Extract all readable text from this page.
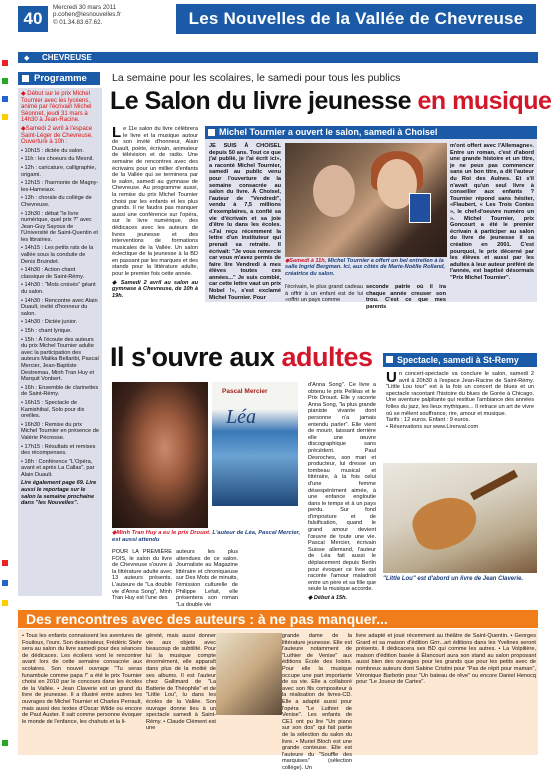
40
Mercredi 30 mars 2011
p.cohen@lesnouvelles.fr
© 01.34.83.67.62.	Les Nouvelles de la Vallée de Chevreuse
◆ CHEVREUSE
Programme

◆ Début sur le prix Michel Tournier avec les lycéens, animé par l'écrivain Michel Séonnet, jeudi 31 mars à 14h30 à Jean-Racine.

◆Samedi 2 avril à l'espace Saint-Léger de Chevreuse. Ouverture à 10h :

• 10h15 : dictée du salon.

• 11h : les choeurs du Mesnil.

• 12h : caricature, calligraphie, origami.

• 12h15 : l'harmonie de Magny-les-Hameaux.

• 13h : chorale du collège de Chevreuse.

• 13h30 : débat "le livre numérique, quel prix ?" avec Jean-Guy Sayous de l'Université de Saint-Quentin et les librairies.

• 14h15 : Les petits rats de la vallée sous la conduite de Denis Bruindet.

• 14h30 : Action chant classique de Saint-Rémy.

• 14h30 : "Mots croisés" géant du salon.

• 14h30 : Rencontre avec Alain Duault, invité d'honneur du salon.

• 14h30 : Dictée junior.

• 15h : chant lyrique.

• 15h : À l'écoute des auteurs du prix Michel Tournier adulte avec la participation des auteurs Malika Bellaribi, Pascal Mercier, Jean-Baptiste Destremau, Minh Tran Huy et Marquit Vonbert.

• 16h : Ensemble de clarinettes de Saint-Rémy.

• 16h15 : Spectacle de Kamishibaï, Solo pour dix oreilles.

• 16h30 : Remise du prix Michel Tournier en présence de Valérie Pécresse.

• 17h15 : Résultats et remises des récompenses.

• 18h : Conférence "L'Opéra, avant et après La Callas", par Alain Duault.

Lire également page 69. Lire aussi le reportage sur le salon la semaine prochaine dans "les Nouvelles".

La semaine pour les scolaires, le samedi pour tous les publics
Le Salon du livre jeunesse en musique
Le 11e salon du livre célèbrera le livre et la musique autour de son invité d'honneur, Alain Duault, poète, écrivain, animateur de télévision et de radio. Une semaine de rencontres avec des écrivains pour un millier d'enfants de la Vallée qui se terminera par le salon, samedi au gymnase de Chevreuse. Au programme aussi, la remise du prix Michel Tournier choisi par les enfants et les plus grands. Il ne faudra pas manquer aussi une conférence sur l'opéra, sur le livre numérique, des dédicaces avec les auteurs de livres jeunesse et des interventions de formations musicales de la Vallée. Un salon éclectique de la jeunesse à la BD en passant par les marques et des stands pour la littérature adulte, pour le premier fois cette année.
◆ Samedi 2 avril au salon au gymnase à Chevreuse, de 10h à 19h.
Michel Tournier a ouvert le salon, samedi à Choisel
JE SUIS À CHOISEL depuis 50 ans. Tout ce que j'ai publié, je l'ai écrit ici», a raconté Michel Tournier, samedi au public venu pour l'ouverture de la semaine consacrée au salon du livre. À Choisel, l'auteur de "Vendredi", vendu à 7,5 millions d'exemplaires, a confié sa vie d'écrivain et sa joie d'être lu dans les écoles. «J'ai reçu récemment la lettre d'un instituteur qui prenait sa retraite. Il écrivait: "Je vous remercie car vous m'avez permis de faire lire Vendredi à mes élèves toutes ces années..." Je suis comblé, car cette lettre vaut un prix Nobel !», s'est exclamé Michel Tournier. Pour
◆Samedi à 11h, Michel Tournier a offert un bel entretien à la salle Ingrid Bergman. Ici, aux côtés de Marie-Noëlle Rolland, créatrice du salon.
l'écrivain, le plus grand cadeau à offrir à un enfant est de lui «offrir un pays comme
seconde patrie où il ira chaque année creuser son trou. C'est ce que mes parents
m'ont offert avec l'Allemagne». Entre un roman, c'est d'abord une grande histoire et un titre, je ne peux pas commencer sans un bon titre, a dit l'auteur du Roi des Aulnes. Et s'il n'avait qu'un seul livre à conseiller aux enfants ? Tournier répond sans hésiter, «Flaubert, « Les Trois Contes », le chef-d'oeuvre numéro un ». Michel Tournier, prix Goncourt a été le premier écrivain à participer au salon du livre de jeunesse il sa création en 2001. C'est pourquoi, le prix décerné par les élèves et aussi par les adultes à leur auteur préféré de l'année, est baptisé désormais "Prix Michel Tournier".
Il s'ouvre aux adultes
Pascal Mercier
Léa
◆Minh Tran Huy a eu le prix Drouot. L'auteur de Léa, Pascal Mercier, est aussi attendu
POUR LA PREMIÈRE FOIS, le salon du livre de Chevreuse s'ouvre à la littérature adulte avec 13 auteurs présents. L'auteure de "La double vie d'Anna Song", Minh Tran Huy est l'une des
auteurs les plus attendues de ce salon. Journaliste au Magazine littéraire et chroniqueuse sur Des Mots de minuits, l'émission culturelle de Philippe Lefait, elle présentera son roman "La double vie
d'Anna Song". Ce livre a obtenu le prix Pelléas et le Prix Drouot. Elle y raconte Anna Song, "la plus grande pianiste vivante dont personne n'a jamais entendu parler". Elle vient de mourir, laissant derrière elle une œuvre discographique sans précédent. Paul Desroches, son mari et producteur, lui dresse un tombeau musical et littéraire, à la fois celui d'une femme désespérément aimée, à une enfance engloutie dans le temps et à un pays perdu. Sur fond d'imposture et de falsification, quand le grand amour devient l'œuvre de toute une vie. Pascal Mercier, écrivain Suisse allemand, l'auteur de Léa fait aussi le déplacement depuis Berlin pour évoquer ce livre qui raconte l'amour maladroit entre un père et sa fille que seule la musique accorde.
◆ Début à 15h.
Spectacle, samedi à St-Remy
Un concert-spectacle va conclure le salon, samedi 2 avril à 20h30 à l'espace Jean-Racine de Saint-Rémy. "Little Lou tour" est à la fois un concert de blues et un spectacle racontant l'histoire du blues de Gorée à Chicago. Une aventure palpitante qui restitue l'ambiance des années folles du jazz, les lieux mythiques... Il retrace un art de vivre où se mêlent souffrance, rire, amour et musique.
Tarifs : 12 euros. Enfant : 9 euros.
• Réservations sur www.Lirenval.com
"Little Lou" est d'abord un livre de Jean Claverie.
Des rencontres avec des auteurs : à ne pas manquer...
• Tous les enfants connaissent les aventures de Fouiloux, l'ours. Son dessinateur, Frédéric Stehr sera au salon du livre samedi pour des séances de dédicaces. Les écoliers vont le rencontrer avant lors de cette semaine consacrée aux scolaires. Son nouvel ouvrage "Tu seras funambule comme papa !" a été le prix Tournier choisi en 2010 par le concours dans les écoles de la Vallée. • Jean Claverie est un grand du livre de jeunesse. Il a illustré entre autres les ouvrages de Michel Tournier et Charles Perrault, mais aussi des textes d'Oscar Wilde ou encore de Paul Auster. Il sait comme personne évoquer le monde de l'enfance, les chahuts et la li-
gèreté, mais aussi donner vie aux objets avec beaucoup de subtilité. Pour lui la musique compte énormément, elle apparaît dans plus de la moitié de ses albums. Il est l'auteur chez Gallimard de "La Batterie de Théophile" et de "Little Lou", lu dans les écoles de la Vallée. Son ouvrage donne lieu à un spectacle samedi à Saint-Rémy. • Claude Clément est une
grande dame de la littérature jeunesse. Elle est l'auteure notamment de "Luthier de Venise" aux éditions École des loisirs. Pour elle la musique occupe une part importante de sa vie. Elle a collaboré avec son fils compositeur à la réalisation de livres-CD. Elle a adapté aussi pour l'opéra "Le Luthier de Venise". Les enfants de CE1 ont pu lire "Un piano sur son dos" qui fait partie de la sélection du salon du livre. • Muriel Bloch est une grande conteuse. Elle est l'auteure du "Souffle des marquises" (sélection collège). Un
livre adapté et joué récemment au théâtre de Saint-Quentin. • Georges Grard et sa maison d'édition Grrr...art éditions dans les Yvelines seront présents. Il dédicacera ses BD qui comme les autres. • La Volpilière, maison d'édition basée à Élancourt aura son stand au salon proposant aussi bien des ouvrages pour les grands que pour les petits avec de nombreux auteurs dont Sabine Cristini pour "Pas de répit pour maman", Véronique Barbotin pour "Un bateau de rêve" ou encore Daniel Henocq pour "Le Joueur de Cartes".
